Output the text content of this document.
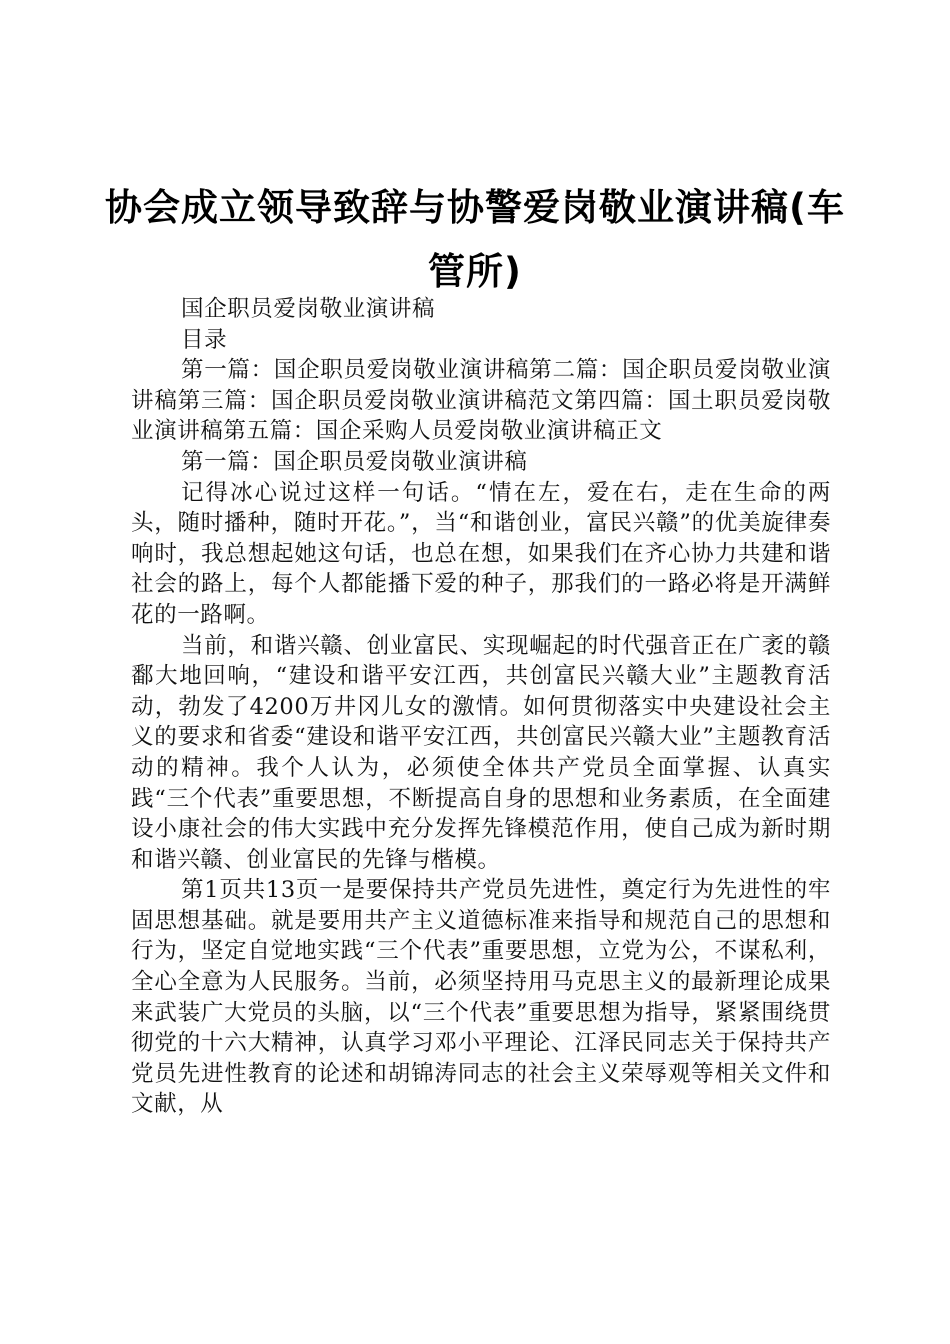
协会成立领导致辞与协警爱岗敬业演讲稿(车
管所)

国企职员爱岗敬业演讲稿

目录

第一篇：国企职员爱岗敬业演讲稿第二篇：国企职员爱岗敬业演讲稿第三篇：国企职员爱岗敬业演讲稿范文第四篇：国土职员爱岗敬业演讲稿第五篇：国企采购人员爱岗敬业演讲稿正文

第一篇：国企职员爱岗敬业演讲稿

记得冰心说过这样一句话。“情在左，爱在右，走在生命的两头，随时播种，随时开花。”，当“和谐创业，富民兴赣”的优美旋律奏响时，我总想起她这句话，也总在想，如果我们在齐心协力共建和谐社会的路上，每个人都能播下爱的种子，那我们的一路必将是开满鲜花的一路啊。

当前，和谐兴赣、创业富民、实现崛起的时代强音正在广袤的赣鄱大地回响，“建设和谐平安江西，共创富民兴赣大业”主题教育活动，勃发了4200万井冈儿女的激情。如何贯彻落实中央建设社会主义的要求和省委“建设和谐平安江西，共创富民兴赣大业”主题教育活动的精神。我个人认为，必须使全体共产党员全面掌握、认真实践“三个代表”重要思想，不断提高自身的思想和业务素质，在全面建设小康社会的伟大实践中充分发挥先锋模范作用，使自己成为新时期和谐兴赣、创业富民的先锋与楷模。

第1页共13页一是要保持共产党员先进性，奠定行为先进性的牢固思想基础。就是要用共产主义道德标准来指导和规范自己的思想和行为，坚定自觉地实践“三个代表”重要思想，立党为公，不谋私利，全心全意为人民服务。当前，必须坚持用马克思主义的最新理论成果来武装广大党员的头脑，以“三个代表”重要思想为指导，紧紧围绕贯彻党的十六大精神，认真学习邓小平理论、江泽民同志关于保持共产党员先进性教育的论述和胡锦涛同志的社会主义荣辱观等相关文件和文献，从
